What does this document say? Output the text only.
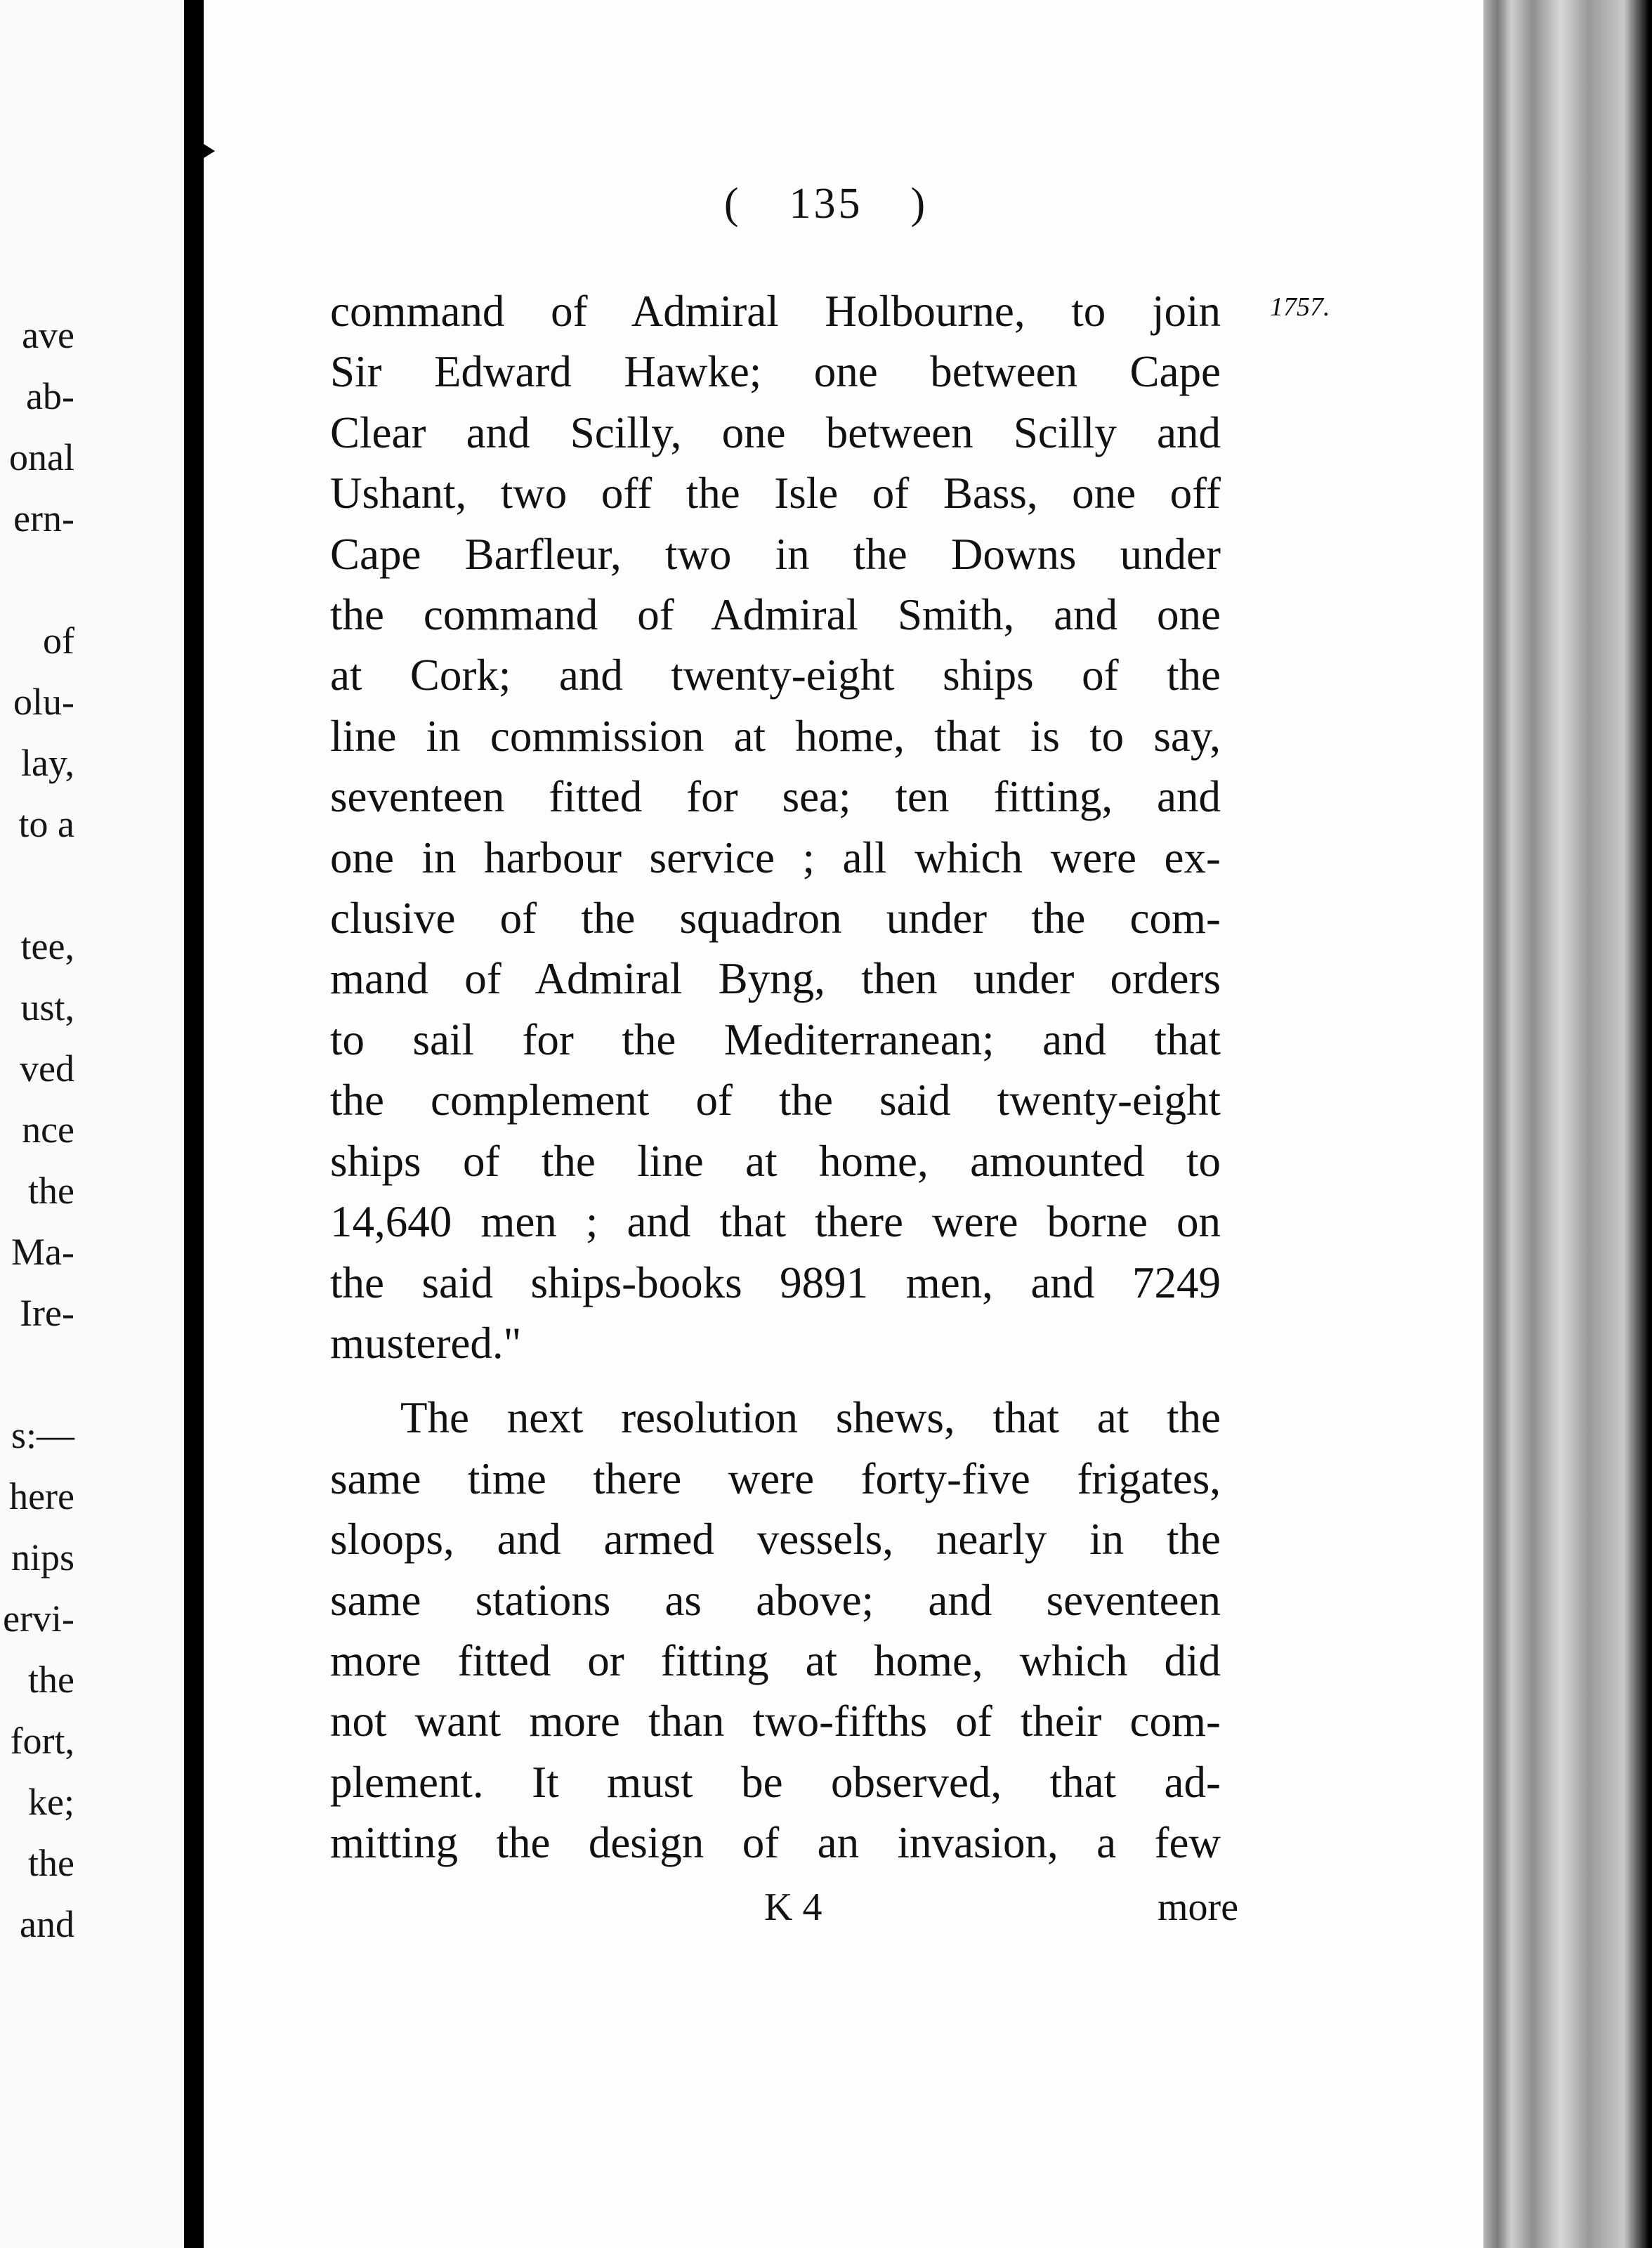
ave
ab-
onal
ern-
of
olu-
lay,
to a
tee,
ust,
ved
nce
the
Ma-
Ire-
s:—
here
nips
ervi-
the
fort,
ke;
the
and
( 135 )
1757.
command of Admiral Holbourne, to join
Sir Edward Hawke; one between Cape
Clear and Scilly, one between Scilly and
Ushant, two off the Isle of Bass, one off
Cape Barfleur, two in the Downs under
the command of Admiral Smith, and one
at Cork; and twenty-eight ships of the
line in commission at home, that is to say,
seventeen fitted for sea; ten fitting, and
one in harbour service ; all which were ex-
clusive of the squadron under the com-
mand of Admiral Byng, then under orders
to sail for the Mediterranean; and that
the complement of the said twenty-eight
ships of the line at home, amounted to
14,640 men ; and that there were borne on
the said ships-books 9891 men, and 7249
mustered."
The next resolution shews, that at the
same time there were forty-five frigates,
sloops, and armed vessels, nearly in the
same stations as above; and seventeen
more fitted or fitting at home, which did
not want more than two-fifths of their com-
plement. It must be observed, that ad-
mitting the design of an invasion, a few
K 4	more
